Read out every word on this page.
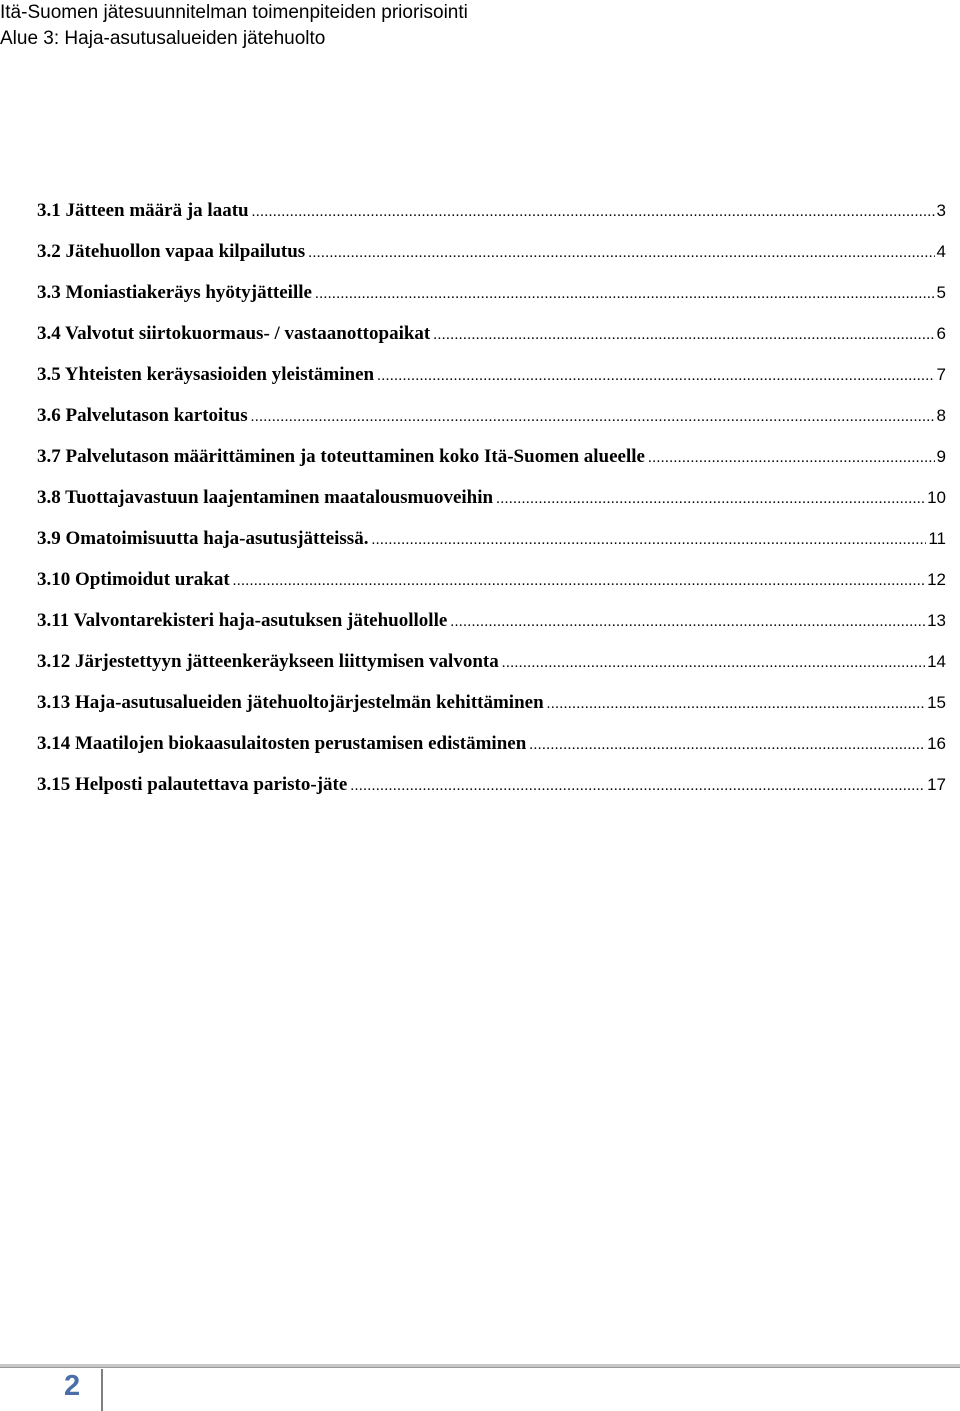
Itä-Suomen jätesuunnitelman toimenpiteiden priorisointi
Alue 3: Haja-asutusalueiden jätehuolto
3.1 Jätteen määrä ja laatu .....	3
3.2 Jätehuollon vapaa kilpailutus .....	4
3.3 Moniastiakeräys hyötyjätteille .....	5
3.4 Valvotut siirtokuormaus- / vastaanottopaikat .....	6
3.5 Yhteisten keräysasioiden yleistäminen .....	7
3.6 Palvelutason kartoitus .....	8
3.7 Palvelutason määrittäminen ja toteuttaminen koko Itä-Suomen alueelle .....	9
3.8 Tuottajavastuun laajentaminen maatalousmuoveihin .....	10
3.9 Omatoimisuutta haja-asutusjätteissä. .....	11
3.10 Optimoidut urakat .....	12
3.11 Valvontarekisteri haja-asutuksen jätehuollolle .....	13
3.12 Järjestettyyn jätteenkeräykseen liittymisen valvonta .....	14
3.13 Haja-asutusalueiden jätehuoltojärjestelmän kehittäminen .....	15
3.14 Maatilojen biokaasulaitosten perustamisen edistäminen .....	16
3.15 Helposti palautettava paristo-jäte .....	17
2
